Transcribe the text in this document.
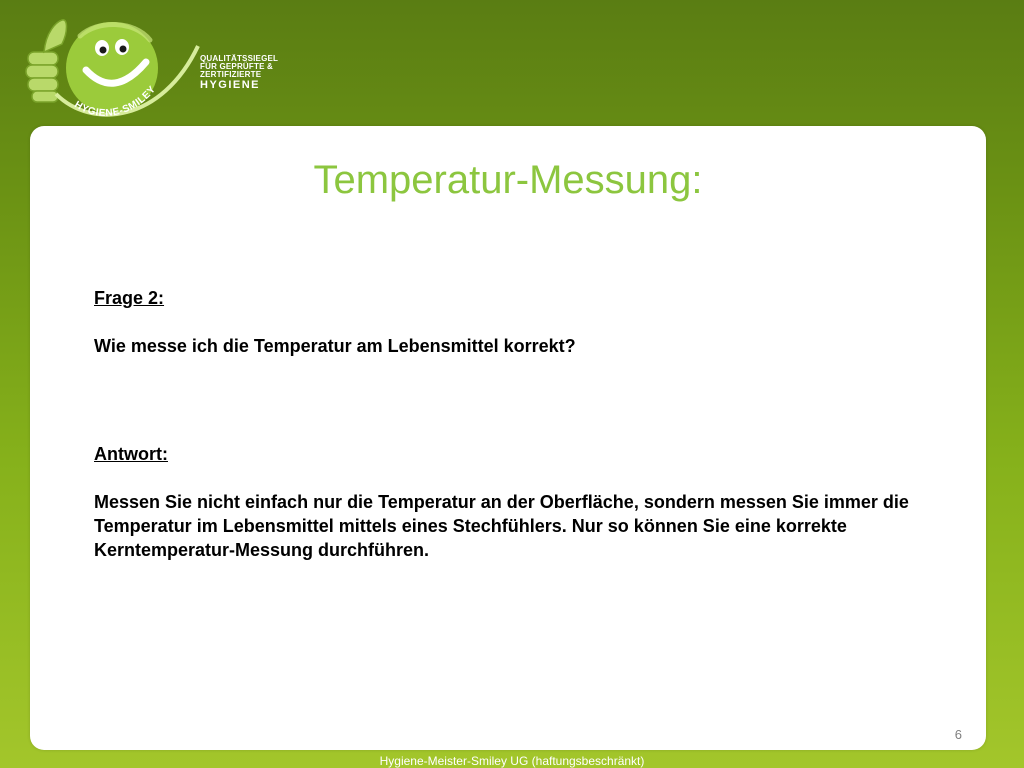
HYGIENE-SMILEY
QUALITÄTSSIEGEL
FÜR GEPRÜFTE &
ZERTIFIZIERTE
HYGIENE
Temperatur-Messung:

Frage 2:

Wie messe ich die Temperatur am Lebensmittel korrekt?

Antwort:

Messen Sie nicht einfach nur die Temperatur an der Oberfläche, sondern messen Sie immer die Temperatur im Lebensmittel mittels eines Stechfühlers. Nur so können Sie eine korrekte Kerntemperatur-Messung durchführen.

6
Hygiene-Meister-Smiley UG (haftungsbeschränkt)
